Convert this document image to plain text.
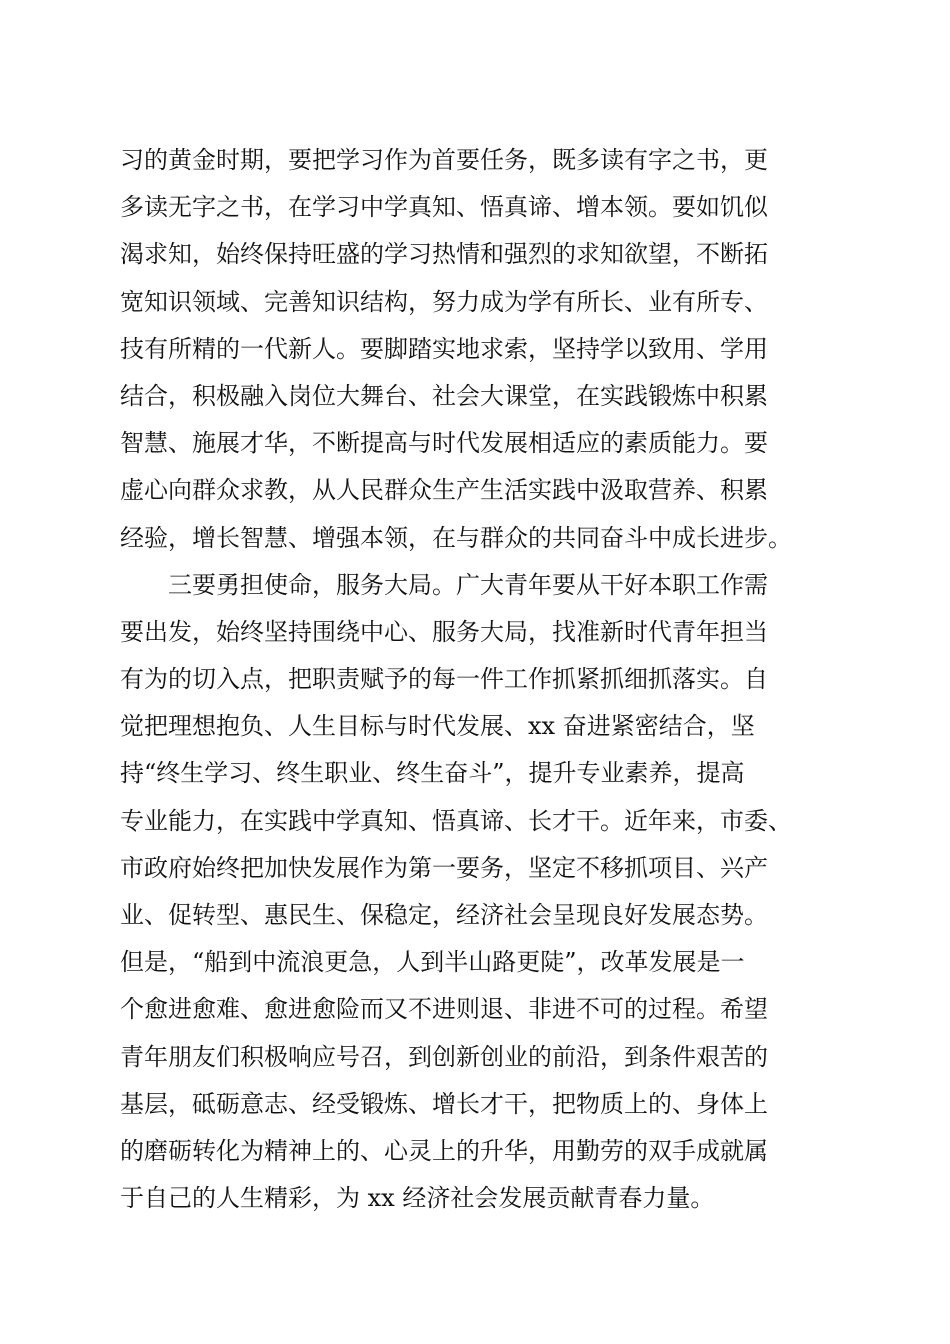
习的黄金时期，要把学习作为首要任务，既多读有字之书，更
多读无字之书，在学习中学真知、悟真谛、增本领。要如饥似
渴求知，始终保持旺盛的学习热情和强烈的求知欲望，不断拓
宽知识领域、完善知识结构，努力成为学有所长、业有所专、
技有所精的一代新人。要脚踏实地求索，坚持学以致用、学用
结合，积极融入岗位大舞台、社会大课堂，在实践锻炼中积累
智慧、施展才华，不断提高与时代发展相适应的素质能力。要
虚心向群众求教，从人民群众生产生活实践中汲取营养、积累
经验，增长智慧、增强本领，在与群众的共同奋斗中成长进步。
三要勇担使命，服务大局。广大青年要从干好本职工作需
要出发，始终坚持围绕中心、服务大局，找准新时代青年担当
有为的切入点，把职责赋予的每一件工作抓紧抓细抓落实。自
觉把理想抱负、人生目标与时代发展、xx 奋进紧密结合，坚
持“终生学习、终生职业、终生奋斗”，提升专业素养，提高
专业能力，在实践中学真知、悟真谛、长才干。近年来，市委、
市政府始终把加快发展作为第一要务，坚定不移抓项目、兴产
业、促转型、惠民生、保稳定，经济社会呈现良好发展态势。
但是，“船到中流浪更急，人到半山路更陡”，改革发展是一
个愈进愈难、愈进愈险而又不进则退、非进不可的过程。希望
青年朋友们积极响应号召，到创新创业的前沿，到条件艰苦的
基层，砥砺意志、经受锻炼、增长才干，把物质上的、身体上
的磨砺转化为精神上的、心灵上的升华，用勤劳的双手成就属
于自己的人生精彩，为 xx 经济社会发展贡献青春力量。
